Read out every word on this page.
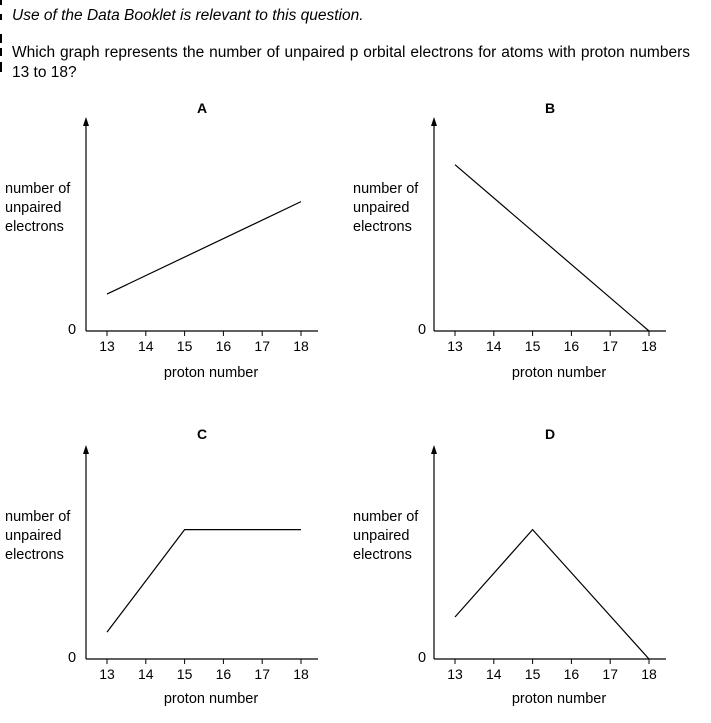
Use of the Data Booklet is relevant to this question.
Which graph represents the number of unpaired p orbital electrons for atoms with proton numbers 13 to 18?
A
number of
unpaired
electrons
0
proton number
13 14 15 16 17 18
B
number of
unpaired
electrons
0
proton number
13 14 15 16 17 18
C
number of
unpaired
electrons
0
proton number
13 14 15 16 17 18
D
number of
unpaired
electrons
0
proton number
13 14 15 16 17 18
